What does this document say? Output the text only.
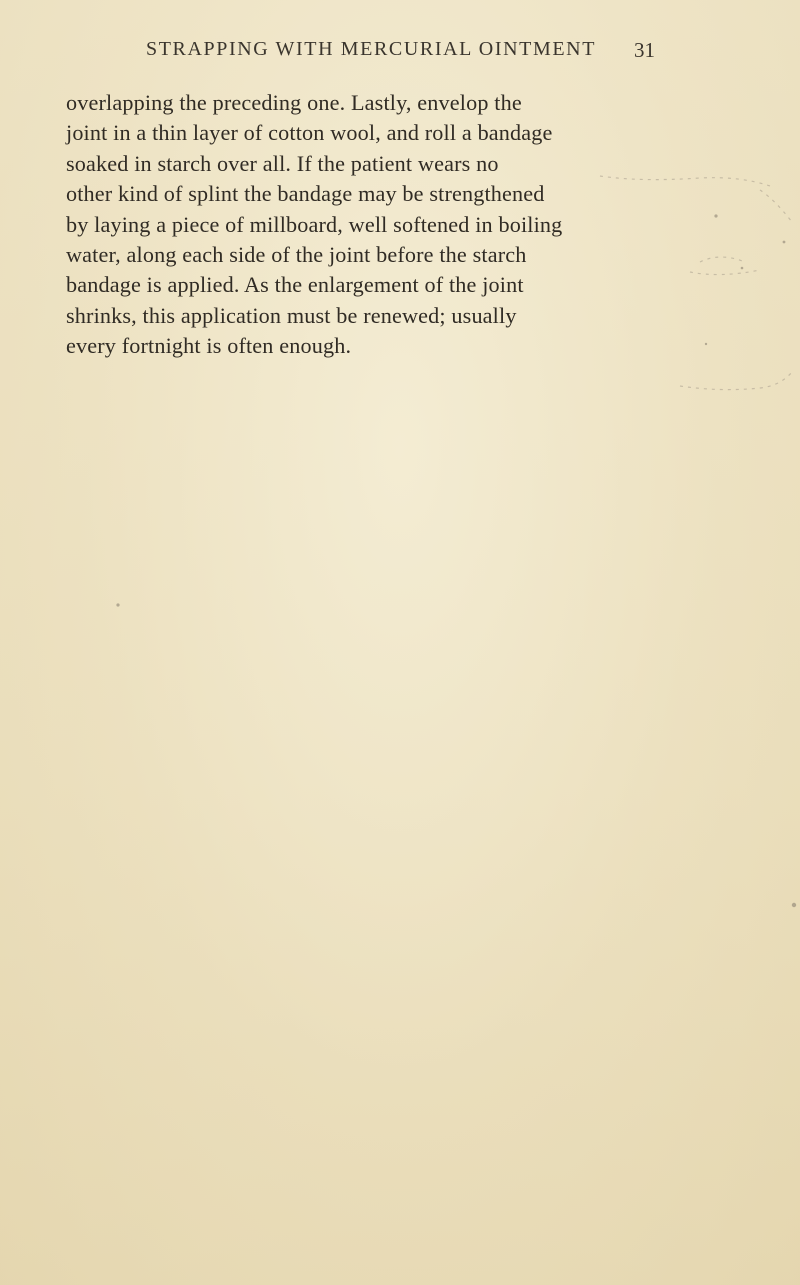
STRAPPING WITH MERCURIAL OINTMENT 31
overlapping the preceding one. Lastly, envelop the
joint in a thin layer of cotton wool, and roll a bandage
soaked in starch over all. If the patient wears no
other kind of splint the bandage may be strengthened
by laying a piece of millboard, well softened in boiling
water, along each side of the joint before the starch
bandage is applied. As the enlargement of the joint
shrinks, this application must be renewed; usually
every fortnight is often enough.
